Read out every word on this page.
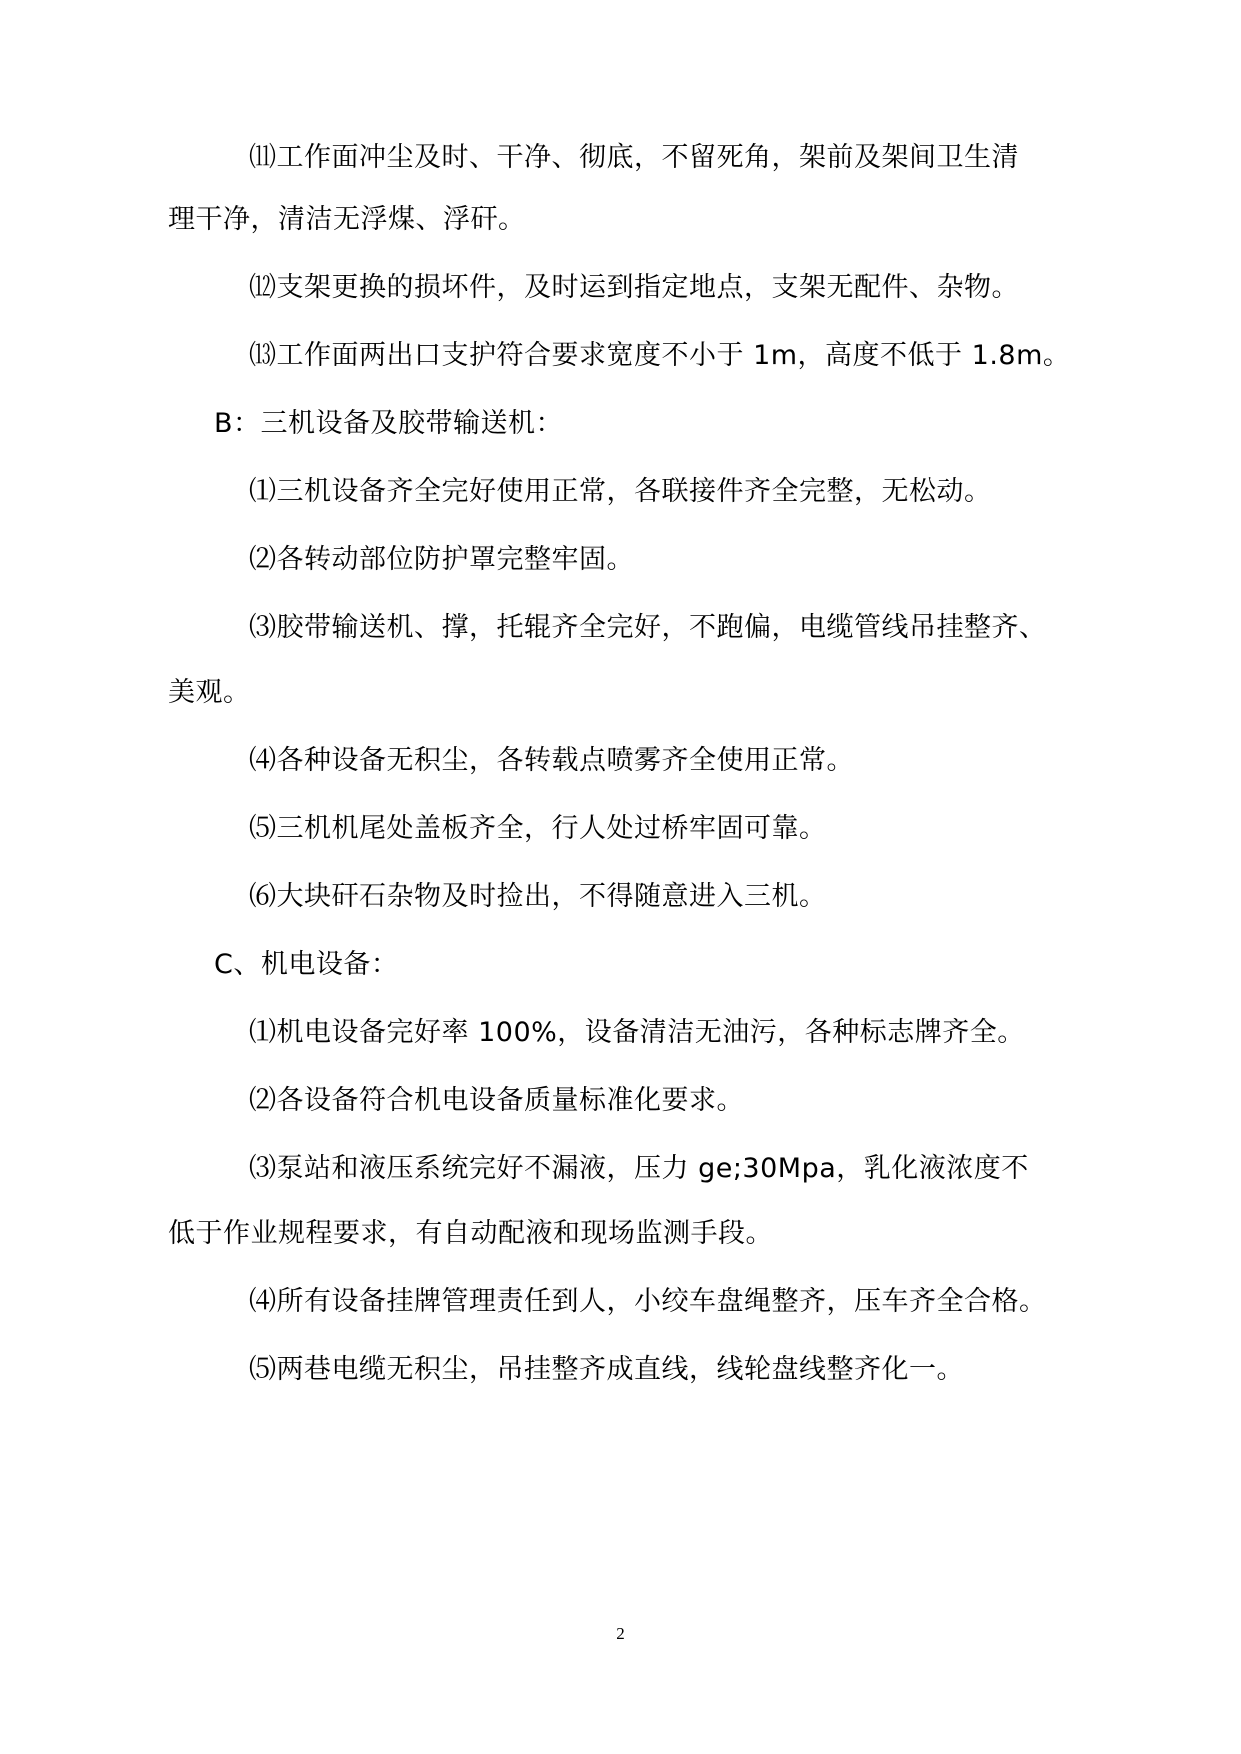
⑾工作面冲尘及时、干净、彻底，不留死角，架前及架间卫生清
理干净，清洁无浮煤、浮矸。
⑿支架更换的损坏件，及时运到指定地点，支架无配件、杂物。
⒀工作面两出口支护符合要求宽度不小于 1m，高度不低于 1.8m。
B：三机设备及胶带输送机：
⑴三机设备齐全完好使用正常，各联接件齐全完整，无松动。
⑵各转动部位防护罩完整牢固。
⑶胶带输送机、撑，托辊齐全完好，不跑偏，电缆管线吊挂整齐、
美观。
⑷各种设备无积尘，各转载点喷雾齐全使用正常。
⑸三机机尾处盖板齐全，行人处过桥牢固可靠。
⑹大块矸石杂物及时捡出，不得随意进入三机。
C、机电设备：
⑴机电设备完好率 100%，设备清洁无油污，各种标志牌齐全。
⑵各设备符合机电设备质量标准化要求。
⑶泵站和液压系统完好不漏液，压力 ge;30Mpa，乳化液浓度不
低于作业规程要求，有自动配液和现场监测手段。
⑷所有设备挂牌管理责任到人，小绞车盘绳整齐，压车齐全合格。
⑸两巷电缆无积尘，吊挂整齐成直线，线轮盘线整齐化一。
2
